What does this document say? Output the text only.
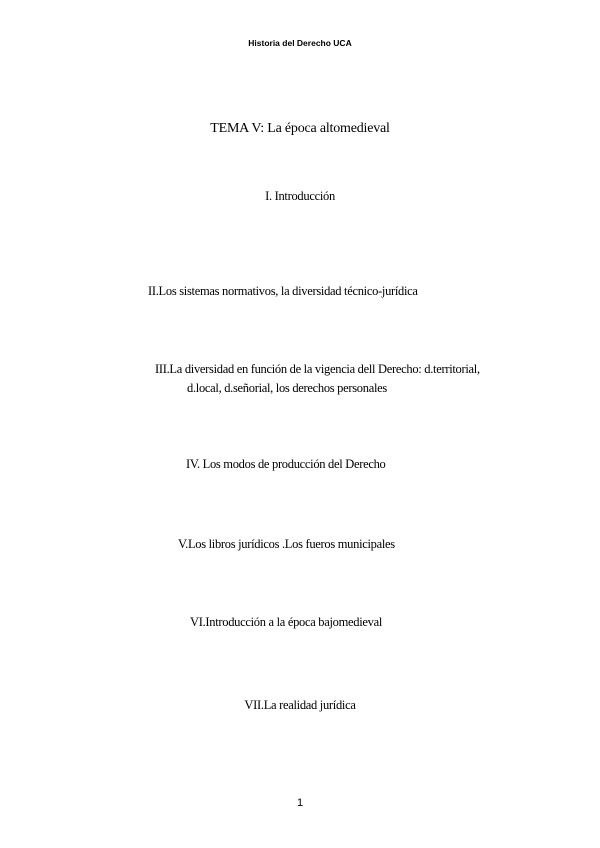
Historia del Derecho UCA
TEMA V: La época altomedieval
I. Introducción
II.Los sistemas normativos, la diversidad técnico-jurídica
III.La diversidad en función de la vigencia dell Derecho: d.territorial,
d.local, d.señorial, los derechos personales
IV. Los modos de producción del Derecho
V.Los libros jurídicos .Los fueros municipales
VI.Introducción a la época bajomedieval
VII.La realidad jurídica
1
